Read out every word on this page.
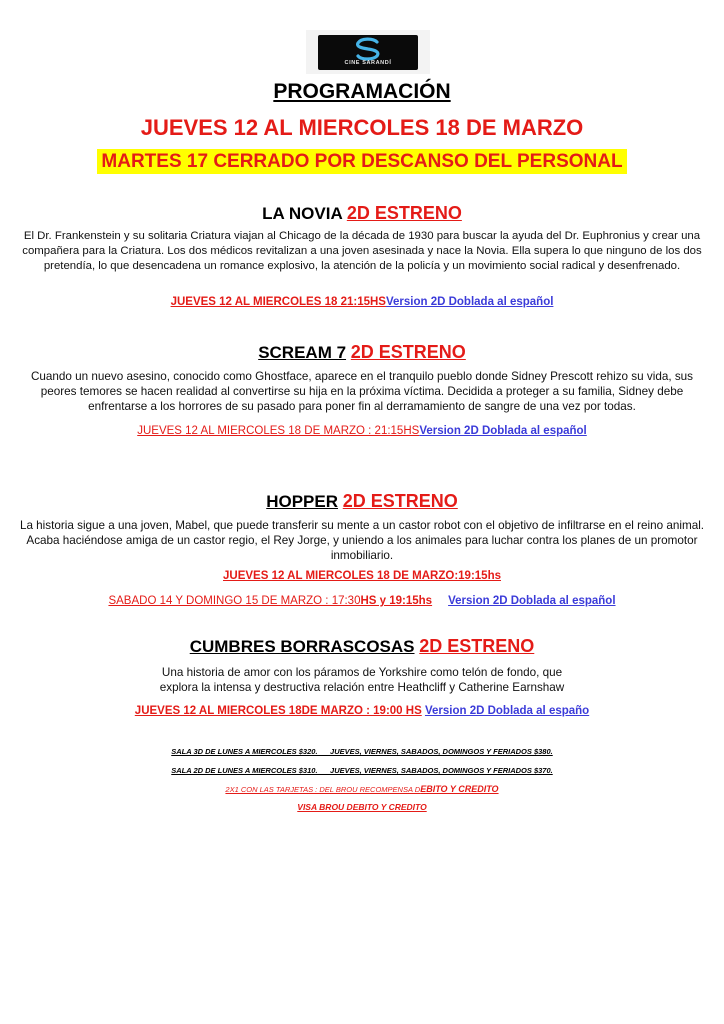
CINE SARANDÍ
PROGRAMACIÓN
JUEVES 12 AL MIERCOLES 18 DE MARZO
MARTES 17 CERRADO POR DESCANSO DEL PERSONAL
LA NOVIA 2D ESTRENO
El Dr. Frankenstein y su solitaria Criatura viajan al Chicago de la década de 1930 para buscar la ayuda del Dr. Euphronius y crear una compañera para la Criatura. Los dos médicos revitalizan a una joven asesinada y nace la Novia. Ella supera lo que ninguno de los dos pretendía, lo que desencadena un romance explosivo, la atención de la policía y un movimiento social radical y desenfrenado.
JUEVES 12 AL MIERCOLES 18 21:15HSVersion 2D Doblada al español
SCREAM 7 2D ESTRENO
Cuando un nuevo asesino, conocido como Ghostface, aparece en el tranquilo pueblo donde Sidney Prescott rehizo su vida, sus peores temores se hacen realidad al convertirse su hija en la próxima víctima. Decidida a proteger a su familia, Sidney debe enfrentarse a los horrores de su pasado para poner fin al derramamiento de sangre de una vez por todas.
JUEVES 12 AL MIERCOLES 18 DE MARZO : 21:15HSVersion 2D Doblada al español
HOPPER 2D ESTRENO
La historia sigue a una joven, Mabel, que puede transferir su mente a un castor robot con el objetivo de infiltrarse en el reino animal. Acaba haciéndose amiga de un castor regio, el Rey Jorge, y uniendo a los animales para luchar contra los planes de un promotor inmobiliario.
JUEVES 12 AL MIERCOLES 18 DE MARZO:19:15hs
SABADO 14 Y DOMINGO 15 DE MARZO : 17:30HS y 19:15hs Version 2D Doblada al español
CUMBRES BORRASCOSAS 2D ESTRENO
Una historia de amor con los páramos de Yorkshire como telón de fondo, que explora la intensa y destructiva relación entre Heathcliff y Catherine Earnshaw
JUEVES 12 AL MIERCOLES 18DE MARZO : 19:00 HS Version 2D Doblada al españo
SALA 3D DE LUNES A MIERCOLES $320.      JUEVES, VIERNES, SABADOS, DOMINGOS Y FERIADOS $380.
SALA 2D DE LUNES A MIERCOLES $310.      JUEVES, VIERNES, SABADOS, DOMINGOS Y FERIADOS $370.
2X1 CON LAS TARJETAS : DEL BROU RECOMPENSA DEBITO Y CREDITO
VISA BROU DEBITO Y CREDITO
